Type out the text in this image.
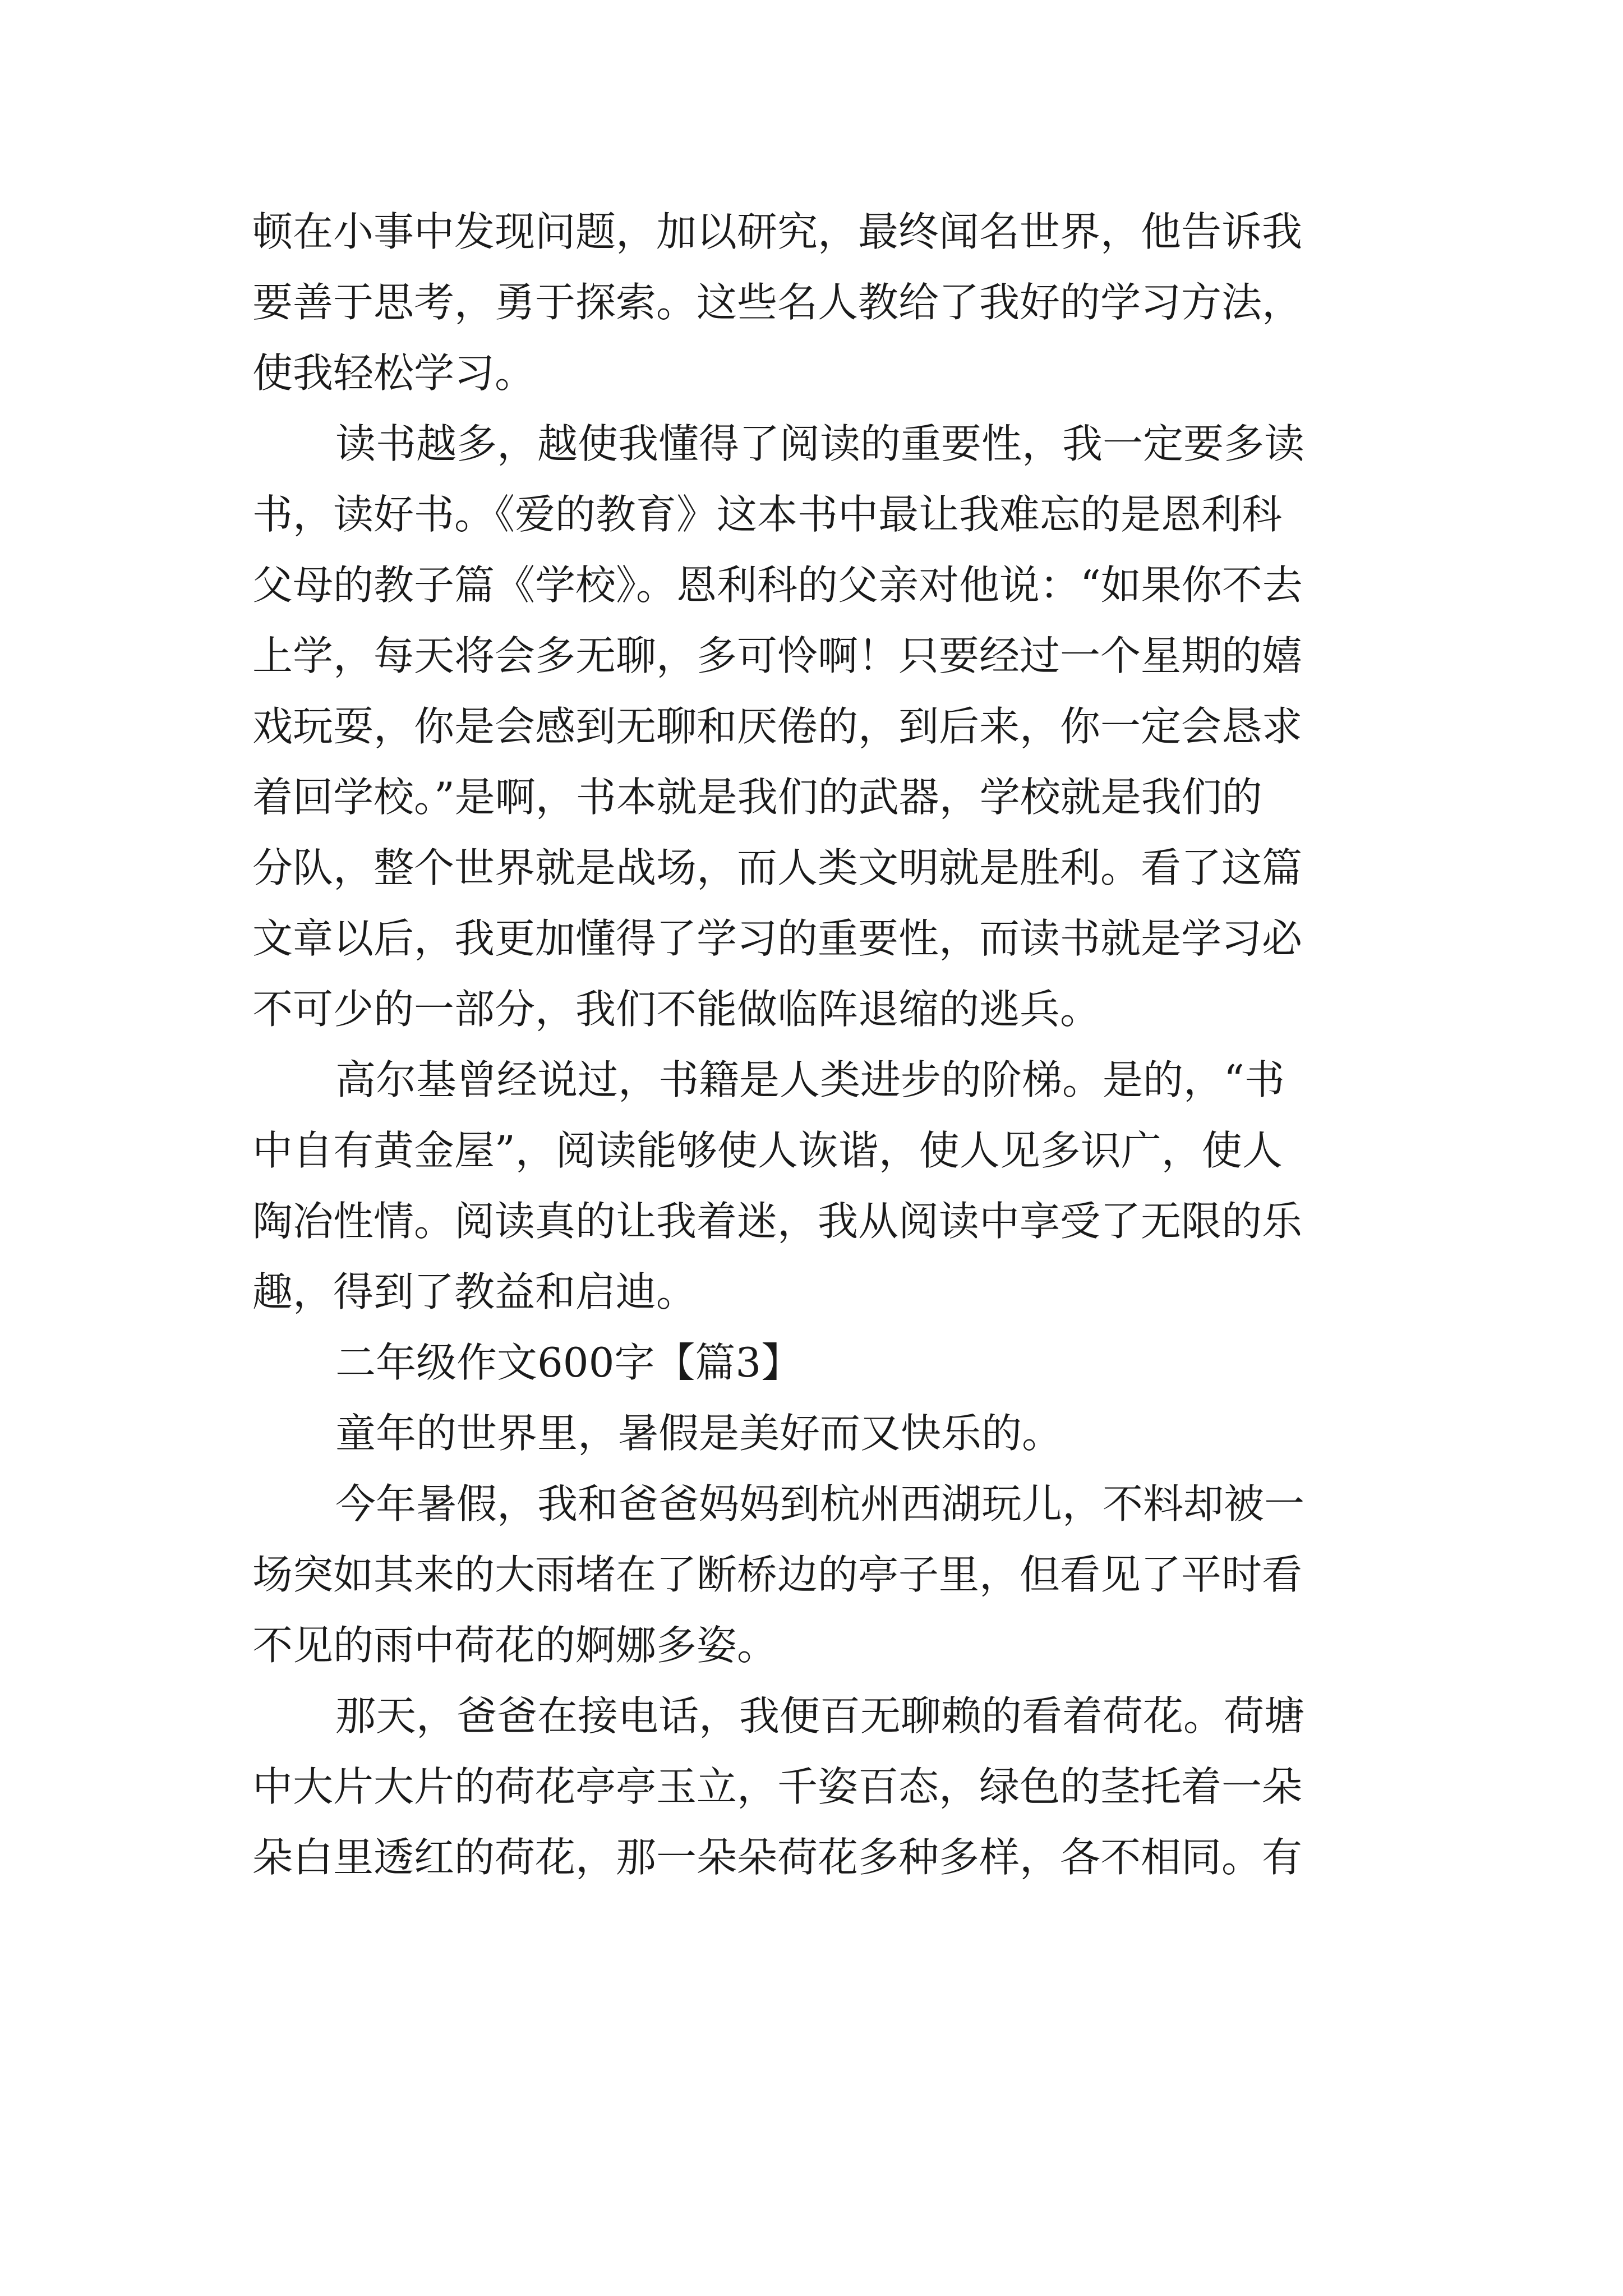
顿在小事中发现问题，加以研究，最终闻名世界，他告诉我
要善于思考，勇于探索。这些名人教给了我好的学习方法，
使我轻松学习。
读书越多，越使我懂得了阅读的重要性，我一定要多读
书，读好书。《爱的教育》这本书中最让我难忘的是恩利科
父母的教子篇《学校》。恩利科的父亲对他说：“如果你不去
上学，每天将会多无聊，多可怜啊！只要经过一个星期的嬉
戏玩耍，你是会感到无聊和厌倦的，到后来，你一定会恳求
着回学校。”是啊，书本就是我们的武器，学校就是我们的
分队，整个世界就是战场，而人类文明就是胜利。看了这篇
文章以后，我更加懂得了学习的重要性，而读书就是学习必
不可少的一部分，我们不能做临阵退缩的逃兵。
高尔基曾经说过，书籍是人类进步的阶梯。是的，“书
中自有黄金屋”，阅读能够使人诙谐，使人见多识广，使人
陶冶性情。阅读真的让我着迷，我从阅读中享受了无限的乐
趣，得到了教益和启迪。
二年级作文600字【篇3】
童年的世界里，暑假是美好而又快乐的。
今年暑假，我和爸爸妈妈到杭州西湖玩儿，不料却被一
场突如其来的大雨堵在了断桥边的亭子里，但看见了平时看
不见的雨中荷花的婀娜多姿。
那天，爸爸在接电话，我便百无聊赖的看着荷花。荷塘
中大片大片的荷花亭亭玉立，千姿百态，绿色的茎托着一朵
朵白里透红的荷花，那一朵朵荷花多种多样，各不相同。有
